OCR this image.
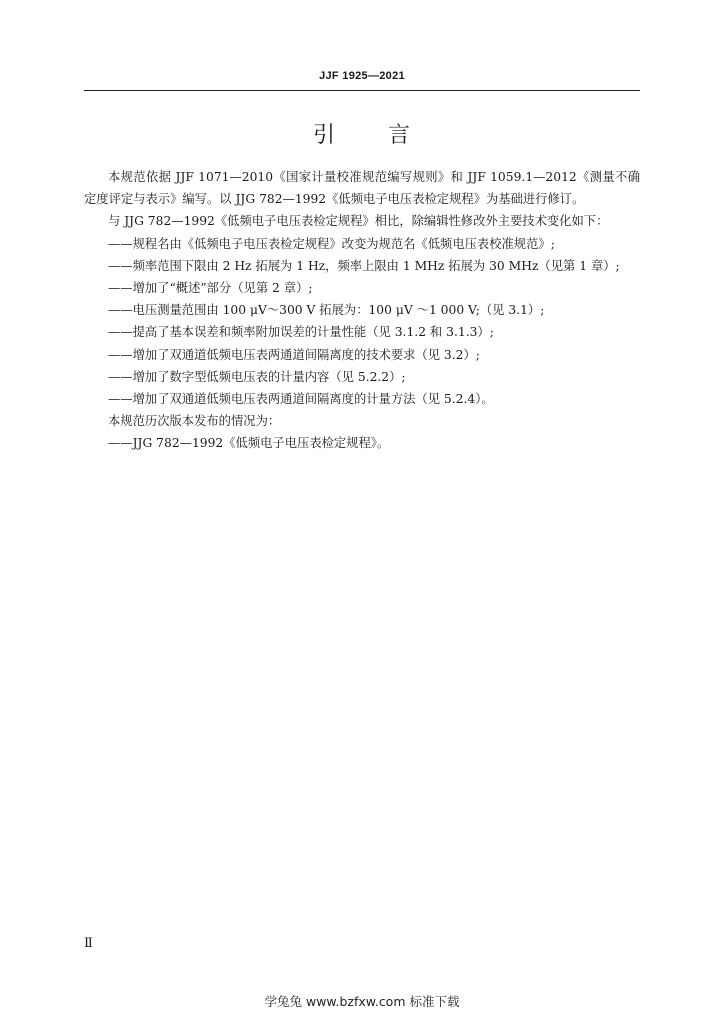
JJF 1925—2021
引 言

本规范依据 JJF 1071—2010《国家计量校准规范编写规则》和 JJF 1059.1—2012《测量不确定度评定与表示》编写。以 JJG 782—1992《低频电子电压表检定规程》为基础进行修订。

与 JJG 782—1992《低频电子电压表检定规程》相比，除编辑性修改外主要技术变化如下：

——规程名由《低频电子电压表检定规程》改变为规范名《低频电压表校准规范》;

——频率范围下限由 2 Hz 拓展为 1 Hz，频率上限由 1 MHz 拓展为 30 MHz（见第 1 章）;

——增加了“概述”部分（见第 2 章）;

——电压测量范围由 100 μV～300 V 拓展为：100 μV ～1 000 V;（见 3.1）;

——提高了基本误差和频率附加误差的计量性能（见 3.1.2 和 3.1.3）;

——增加了双通道低频电压表两通道间隔离度的技术要求（见 3.2）;

——增加了数字型低频电压表的计量内容（见 5.2.2）;

——增加了双通道低频电压表两通道间隔离度的计量方法（见 5.2.4）。

本规范历次版本发布的情况为：

——JJG 782—1992《低频电子电压表检定规程》。

Ⅱ
学兔兔 www.bzfxw.com 标准下载
